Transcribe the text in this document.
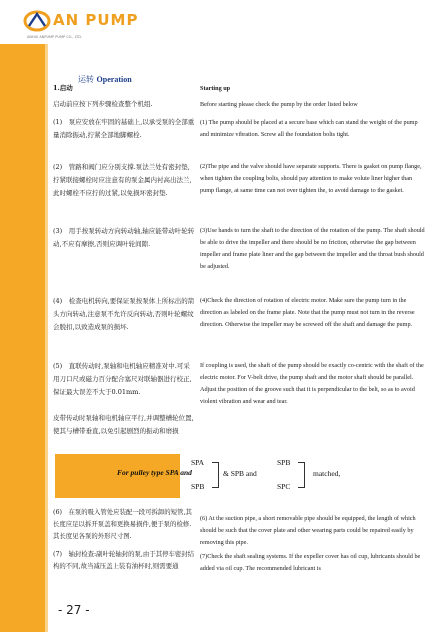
AN PUMP
ANHUI ANPUMP PUMP CO., LTD.
运转 Operation
1.启动	Starting up
启动前应按下列步骤检查整个机组.	Before starting please check the pump by the order listed below
(1)　泵应安放在牢固的基础上,以承受泵的全部重量消除振动,拧紧全部地脚螺栓.
(1) The pump should be placed at a secure base which can stand the weight of the pump and minimize vibration. Screw all the foundation bolts tight.
(2)　管路和阀门应分别支撑.泵法兰处有密封垫,拧紧联接螺栓时应注意有的泵金属内衬高出法兰,此时螺栓不应拧的过紧,以免损坏密封垫.
(2)The pipe and the valve should have separate supports. There is gasket on pump flange, when tighten the coupling bolts, should pay attention to make volute liner higher than pump flange, at same time can not over tighten the, to avoid damage to the gasket.
(3)　用手按泵转动方向转动轴,轴应能带动叶轮转动,不应有摩擦,否则应调叶轮间隙.
(3)Use hands to turn the shaft to the direction of the rotation of the pump. The shaft should be able to drive the impeller and there should be no friction, otherwise the gap between impeller and frame plate liner and the gap between the impeller and the throat bush should be adjusted.
(4)　检查电机转向,要保证泵按泵体上所标出的箭头方向转动,注意泵不允许反向转动,否则叶轮螺纹会脱扣,以致造成泵的损坏.
(4)Check the direction of rotation of electric motor. Make sure the pump turn in the direction as labeled on the frame plate. Note that the pump must not turn in the reverse direction. Otherwise the impeller may be screwed off the shaft and damage the pump.
(5)　直联传动时,泵轴和电机轴应精准对中.可采用刀口尺或磁力百分配合塞尺对联轴器进行校正,保证最大误差不大于0.01mm.
皮带传动时泵轴和电机轴应平行,并调整槽轮位置,使其与槽带垂直,以免引起剧烈的振动和磨损
If coupling is used, the shaft of the pump should be exactly co-centric with the shaft of the electric motor. For V-belt drive, the pump shaft and the motor shaft should be parallel. Adjust the position of the groove such that it is perpendicular to the belt, so as to avoid violent vibration and wear and tear.
For pulley type SPA and
SPA
SPB
& SPB and
SPB
SPC
matched,
(6)　在泵的吸入管处应装配一段可拆卸的短管,其长度应足以拆开泵盖和更换易损件,便于泵的检修.其长度见各泵的外形尺寸图.
(6) At the suction pipe, a short removable pipe should be equipped, the length of which should be such that the cover plate and other wearing parts could be repaired easily by removing this pipe.
(7)　轴封检查:副叶轮轴封的泵,由于其停车密封结构的不同,故当减压盖上装有油杯时,则需要通
(7)Check the shaft sealing systems. If the expeller cover has oil cup, lubricants should be added via oil cup. The recommended lubricant is
- 27 -
